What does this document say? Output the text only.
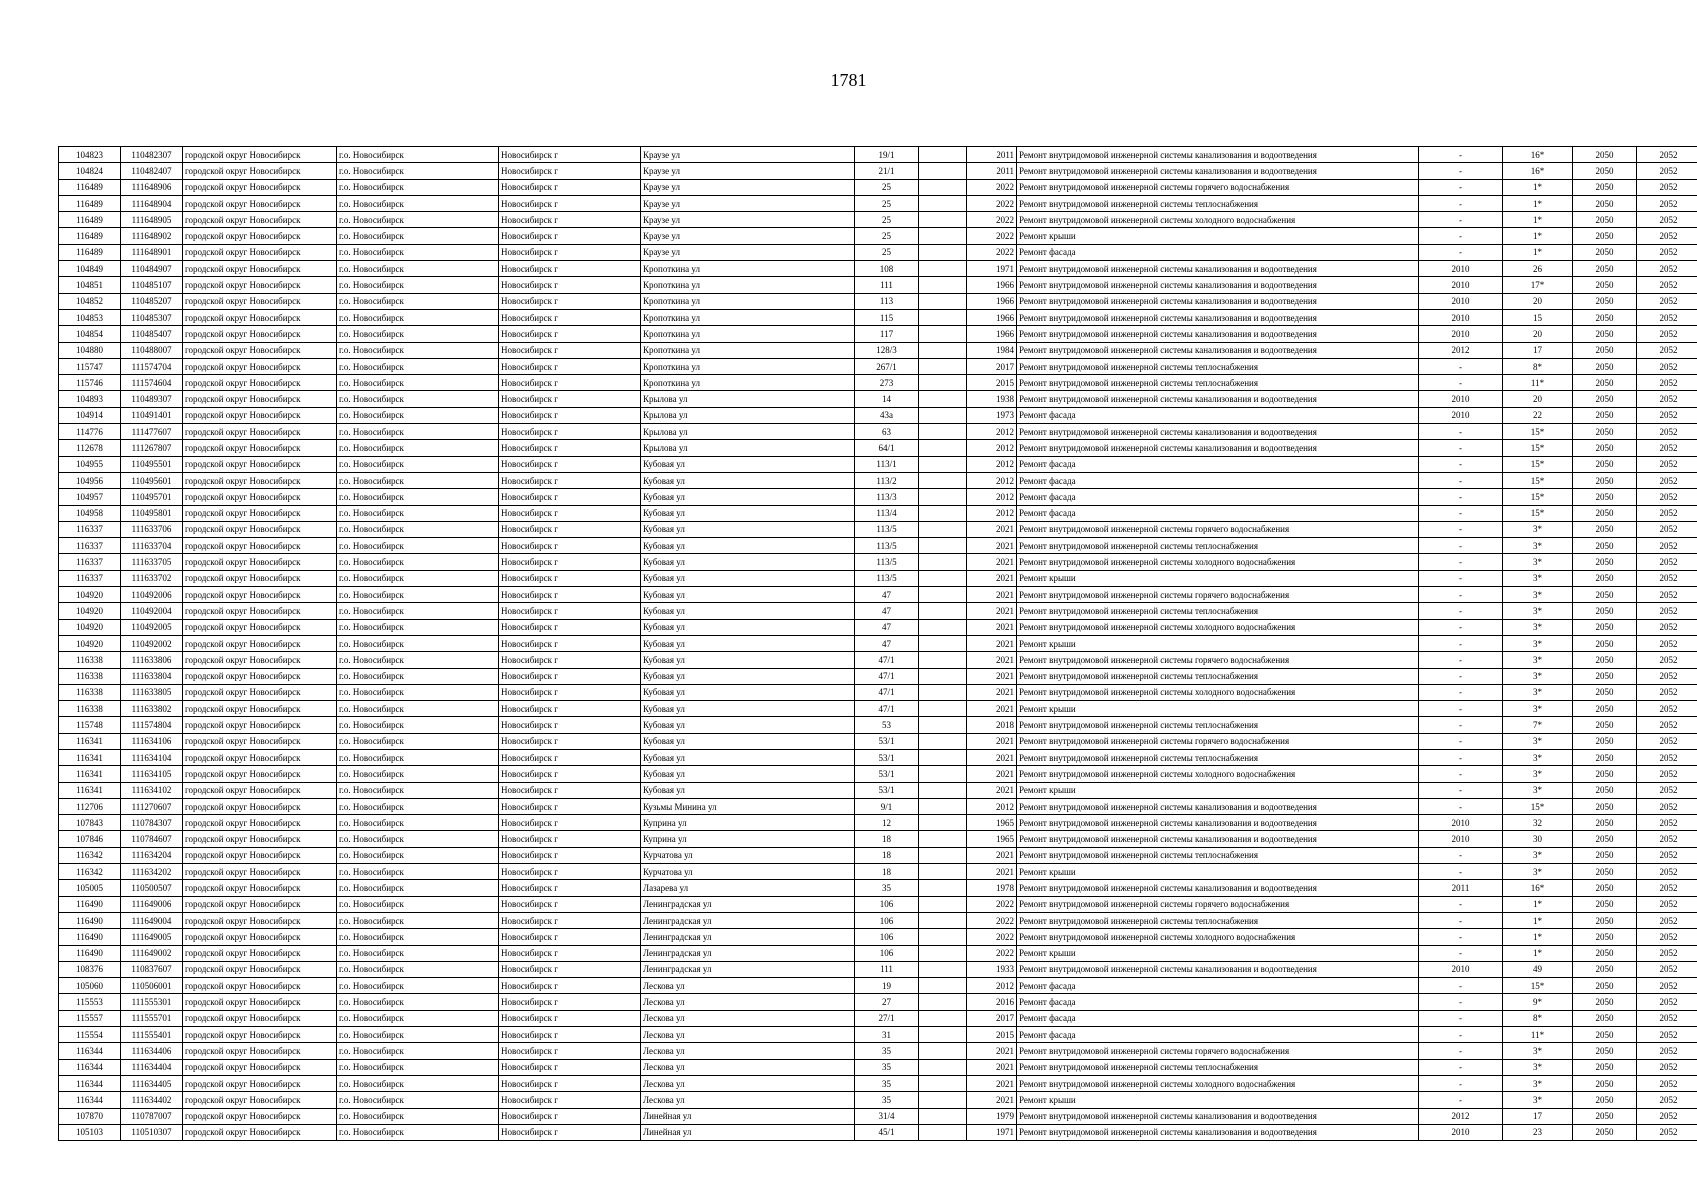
1781
104823	110482307	городской округ Новосибирск	г.о. Новосибирск	Новосибирск г	Краузе ул	19/1		2011	Ремонт внутридомовой инженерной системы канализования и водоотведения	-	16*	2050	2052
104824	110482407	городской округ Новосибирск	г.о. Новосибирск	Новосибирск г	Краузе ул	21/1		2011	Ремонт внутридомовой инженерной системы канализования и водоотведения	-	16*	2050	2052
116489	111648906	городской округ Новосибирск	г.о. Новосибирск	Новосибирск г	Краузе ул	25		2022	Ремонт внутридомовой инженерной системы горячего водоснабжения	-	1*	2050	2052
116489	111648904	городской округ Новосибирск	г.о. Новосибирск	Новосибирск г	Краузе ул	25		2022	Ремонт внутридомовой инженерной системы теплоснабжения	-	1*	2050	2052
116489	111648905	городской округ Новосибирск	г.о. Новосибирск	Новосибирск г	Краузе ул	25		2022	Ремонт внутридомовой инженерной системы холодного водоснабжения	-	1*	2050	2052
116489	111648902	городской округ Новосибирск	г.о. Новосибирск	Новосибирск г	Краузе ул	25		2022	Ремонт крыши	-	1*	2050	2052
116489	111648901	городской округ Новосибирск	г.о. Новосибирск	Новосибирск г	Краузе ул	25		2022	Ремонт фасада	-	1*	2050	2052
104849	110484907	городской округ Новосибирск	г.о. Новосибирск	Новосибирск г	Кропоткина ул	108		1971	Ремонт внутридомовой инженерной системы канализования и водоотведения	2010	26	2050	2052
104851	110485107	городской округ Новосибирск	г.о. Новосибирск	Новосибирск г	Кропоткина ул	111		1966	Ремонт внутридомовой инженерной системы канализования и водоотведения	2010	17*	2050	2052
104852	110485207	городской округ Новосибирск	г.о. Новосибирск	Новосибирск г	Кропоткина ул	113		1966	Ремонт внутридомовой инженерной системы канализования и водоотведения	2010	20	2050	2052
104853	110485307	городской округ Новосибирск	г.о. Новосибирск	Новосибирск г	Кропоткина ул	115		1966	Ремонт внутридомовой инженерной системы канализования и водоотведения	2010	15	2050	2052
104854	110485407	городской округ Новосибирск	г.о. Новосибирск	Новосибирск г	Кропоткина ул	117		1966	Ремонт внутридомовой инженерной системы канализования и водоотведения	2010	20	2050	2052
104880	110488007	городской округ Новосибирск	г.о. Новосибирск	Новосибирск г	Кропоткина ул	128/3		1984	Ремонт внутридомовой инженерной системы канализования и водоотведения	2012	17	2050	2052
115747	111574704	городской округ Новосибирск	г.о. Новосибирск	Новосибирск г	Кропоткина ул	267/1		2017	Ремонт внутридомовой инженерной системы теплоснабжения	-	8*	2050	2052
115746	111574604	городской округ Новосибирск	г.о. Новосибирск	Новосибирск г	Кропоткина ул	273		2015	Ремонт внутридомовой инженерной системы теплоснабжения	-	11*	2050	2052
104893	110489307	городской округ Новосибирск	г.о. Новосибирск	Новосибирск г	Крылова ул	14		1938	Ремонт внутридомовой инженерной системы канализования и водоотведения	2010	20	2050	2052
104914	110491401	городской округ Новосибирск	г.о. Новосибирск	Новосибирск г	Крылова ул	43а		1973	Ремонт фасада	2010	22	2050	2052
114776	111477607	городской округ Новосибирск	г.о. Новосибирск	Новосибирск г	Крылова ул	63		2012	Ремонт внутридомовой инженерной системы канализования и водоотведения	-	15*	2050	2052
112678	111267807	городской округ Новосибирск	г.о. Новосибирск	Новосибирск г	Крылова ул	64/1		2012	Ремонт внутридомовой инженерной системы канализования и водоотведения	-	15*	2050	2052
104955	110495501	городской округ Новосибирск	г.о. Новосибирск	Новосибирск г	Кубовая ул	113/1		2012	Ремонт фасада	-	15*	2050	2052
104956	110495601	городской округ Новосибирск	г.о. Новосибирск	Новосибирск г	Кубовая ул	113/2		2012	Ремонт фасада	-	15*	2050	2052
104957	110495701	городской округ Новосибирск	г.о. Новосибирск	Новосибирск г	Кубовая ул	113/3		2012	Ремонт фасада	-	15*	2050	2052
104958	110495801	городской округ Новосибирск	г.о. Новосибирск	Новосибирск г	Кубовая ул	113/4		2012	Ремонт фасада	-	15*	2050	2052
116337	111633706	городской округ Новосибирск	г.о. Новосибирск	Новосибирск г	Кубовая ул	113/5		2021	Ремонт внутридомовой инженерной системы горячего водоснабжения	-	3*	2050	2052
116337	111633704	городской округ Новосибирск	г.о. Новосибирск	Новосибирск г	Кубовая ул	113/5		2021	Ремонт внутридомовой инженерной системы теплоснабжения	-	3*	2050	2052
116337	111633705	городской округ Новосибирск	г.о. Новосибирск	Новосибирск г	Кубовая ул	113/5		2021	Ремонт внутридомовой инженерной системы холодного водоснабжения	-	3*	2050	2052
116337	111633702	городской округ Новосибирск	г.о. Новосибирск	Новосибирск г	Кубовая ул	113/5		2021	Ремонт крыши	-	3*	2050	2052
104920	110492006	городской округ Новосибирск	г.о. Новосибирск	Новосибирск г	Кубовая ул	47		2021	Ремонт внутридомовой инженерной системы горячего водоснабжения	-	3*	2050	2052
104920	110492004	городской округ Новосибирск	г.о. Новосибирск	Новосибирск г	Кубовая ул	47		2021	Ремонт внутридомовой инженерной системы теплоснабжения	-	3*	2050	2052
104920	110492005	городской округ Новосибирск	г.о. Новосибирск	Новосибирск г	Кубовая ул	47		2021	Ремонт внутридомовой инженерной системы холодного водоснабжения	-	3*	2050	2052
104920	110492002	городской округ Новосибирск	г.о. Новосибирск	Новосибирск г	Кубовая ул	47		2021	Ремонт крыши	-	3*	2050	2052
116338	111633806	городской округ Новосибирск	г.о. Новосибирск	Новосибирск г	Кубовая ул	47/1		2021	Ремонт внутридомовой инженерной системы горячего водоснабжения	-	3*	2050	2052
116338	111633804	городской округ Новосибирск	г.о. Новосибирск	Новосибирск г	Кубовая ул	47/1		2021	Ремонт внутридомовой инженерной системы теплоснабжения	-	3*	2050	2052
116338	111633805	городской округ Новосибирск	г.о. Новосибирск	Новосибирск г	Кубовая ул	47/1		2021	Ремонт внутридомовой инженерной системы холодного водоснабжения	-	3*	2050	2052
116338	111633802	городской округ Новосибирск	г.о. Новосибирск	Новосибирск г	Кубовая ул	47/1		2021	Ремонт крыши	-	3*	2050	2052
115748	111574804	городской округ Новосибирск	г.о. Новосибирск	Новосибирск г	Кубовая ул	53		2018	Ремонт внутридомовой инженерной системы теплоснабжения	-	7*	2050	2052
116341	111634106	городской округ Новосибирск	г.о. Новосибирск	Новосибирск г	Кубовая ул	53/1		2021	Ремонт внутридомовой инженерной системы горячего водоснабжения	-	3*	2050	2052
116341	111634104	городской округ Новосибирск	г.о. Новосибирск	Новосибирск г	Кубовая ул	53/1		2021	Ремонт внутридомовой инженерной системы теплоснабжения	-	3*	2050	2052
116341	111634105	городской округ Новосибирск	г.о. Новосибирск	Новосибирск г	Кубовая ул	53/1		2021	Ремонт внутридомовой инженерной системы холодного водоснабжения	-	3*	2050	2052
116341	111634102	городской округ Новосибирск	г.о. Новосибирск	Новосибирск г	Кубовая ул	53/1		2021	Ремонт крыши	-	3*	2050	2052
112706	111270607	городской округ Новосибирск	г.о. Новосибирск	Новосибирск г	Кузьмы Минина ул	9/1		2012	Ремонт внутридомовой инженерной системы канализования и водоотведения	-	15*	2050	2052
107843	110784307	городской округ Новосибирск	г.о. Новосибирск	Новосибирск г	Куприна ул	12		1965	Ремонт внутридомовой инженерной системы канализования и водоотведения	2010	32	2050	2052
107846	110784607	городской округ Новосибирск	г.о. Новосибирск	Новосибирск г	Куприна ул	18		1965	Ремонт внутридомовой инженерной системы канализования и водоотведения	2010	30	2050	2052
116342	111634204	городской округ Новосибирск	г.о. Новосибирск	Новосибирск г	Курчатова ул	18		2021	Ремонт внутридомовой инженерной системы теплоснабжения	-	3*	2050	2052
116342	111634202	городской округ Новосибирск	г.о. Новосибирск	Новосибирск г	Курчатова ул	18		2021	Ремонт крыши	-	3*	2050	2052
105005	110500507	городской округ Новосибирск	г.о. Новосибирск	Новосибирск г	Лазарева ул	35		1978	Ремонт внутридомовой инженерной системы канализования и водоотведения	2011	16*	2050	2052
116490	111649006	городской округ Новосибирск	г.о. Новосибирск	Новосибирск г	Ленинградская ул	106		2022	Ремонт внутридомовой инженерной системы горячего водоснабжения	-	1*	2050	2052
116490	111649004	городской округ Новосибирск	г.о. Новосибирск	Новосибирск г	Ленинградская ул	106		2022	Ремонт внутридомовой инженерной системы теплоснабжения	-	1*	2050	2052
116490	111649005	городской округ Новосибирск	г.о. Новосибирск	Новосибирск г	Ленинградская ул	106		2022	Ремонт внутридомовой инженерной системы холодного водоснабжения	-	1*	2050	2052
116490	111649002	городской округ Новосибирск	г.о. Новосибирск	Новосибирск г	Ленинградская ул	106		2022	Ремонт крыши	-	1*	2050	2052
108376	110837607	городской округ Новосибирск	г.о. Новосибирск	Новосибирск г	Ленинградская ул	111		1933	Ремонт внутридомовой инженерной системы канализования и водоотведения	2010	49	2050	2052
105060	110506001	городской округ Новосибирск	г.о. Новосибирск	Новосибирск г	Лескова ул	19		2012	Ремонт фасада	-	15*	2050	2052
115553	111555301	городской округ Новосибирск	г.о. Новосибирск	Новосибирск г	Лескова ул	27		2016	Ремонт фасада	-	9*	2050	2052
115557	111555701	городской округ Новосибирск	г.о. Новосибирск	Новосибирск г	Лескова ул	27/1		2017	Ремонт фасада	-	8*	2050	2052
115554	111555401	городской округ Новосибирск	г.о. Новосибирск	Новосибирск г	Лескова ул	31		2015	Ремонт фасада	-	11*	2050	2052
116344	111634406	городской округ Новосибирск	г.о. Новосибирск	Новосибирск г	Лескова ул	35		2021	Ремонт внутридомовой инженерной системы горячего водоснабжения	-	3*	2050	2052
116344	111634404	городской округ Новосибирск	г.о. Новосибирск	Новосибирск г	Лескова ул	35		2021	Ремонт внутридомовой инженерной системы теплоснабжения	-	3*	2050	2052
116344	111634405	городской округ Новосибирск	г.о. Новосибирск	Новосибирск г	Лескова ул	35		2021	Ремонт внутридомовой инженерной системы холодного водоснабжения	-	3*	2050	2052
116344	111634402	городской округ Новосибирск	г.о. Новосибирск	Новосибирск г	Лескова ул	35		2021	Ремонт крыши	-	3*	2050	2052
107870	110787007	городской округ Новосибирск	г.о. Новосибирск	Новосибирск г	Линейная ул	31/4		1979	Ремонт внутридомовой инженерной системы канализования и водоотведения	2012	17	2050	2052
105103	110510307	городской округ Новосибирск	г.о. Новосибирск	Новосибирск г	Линейная ул	45/1		1971	Ремонт внутридомовой инженерной системы канализования и водоотведения	2010	23	2050	2052
